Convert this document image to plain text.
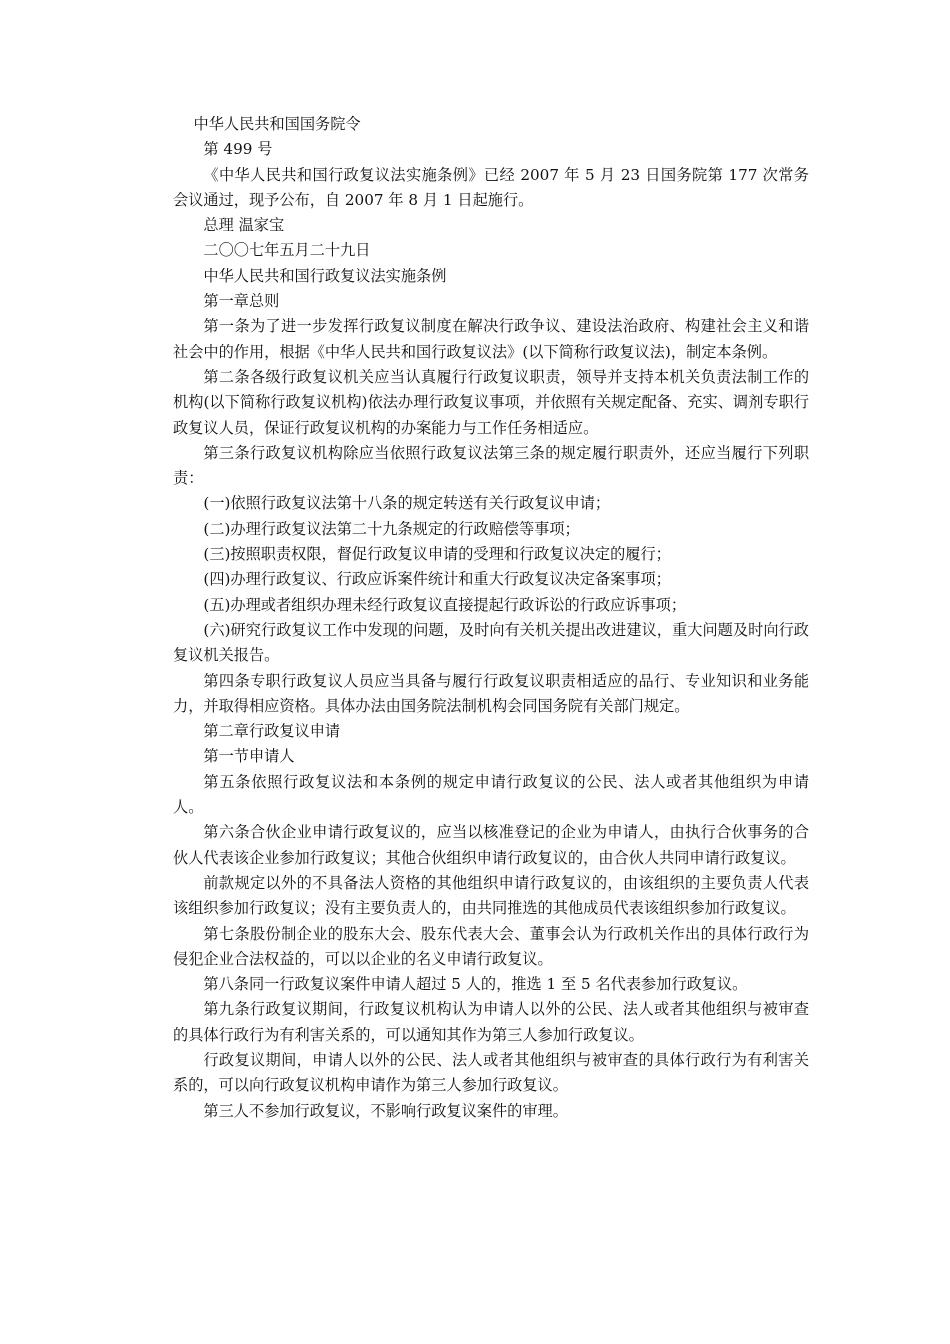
中华人民共和国国务院令

第 499 号

《中华人民共和国行政复议法实施条例》已经 2007 年 5 月 23 日国务院第 177 次常务会议通过，现予公布，自 2007 年 8 月 1 日起施行。

总理 温家宝

二〇〇七年五月二十九日

中华人民共和国行政复议法实施条例

第一章总则

第一条为了进一步发挥行政复议制度在解决行政争议、建设法治政府、构建社会主义和谐社会中的作用，根据《中华人民共和国行政复议法》(以下简称行政复议法)，制定本条例。

第二条各级行政复议机关应当认真履行行政复议职责，领导并支持本机关负责法制工作的机构(以下简称行政复议机构)依法办理行政复议事项，并依照有关规定配备、充实、调剂专职行政复议人员，保证行政复议机构的办案能力与工作任务相适应。

第三条行政复议机构除应当依照行政复议法第三条的规定履行职责外，还应当履行下列职责：

(一)依照行政复议法第十八条的规定转送有关行政复议申请；

(二)办理行政复议法第二十九条规定的行政赔偿等事项；

(三)按照职责权限，督促行政复议申请的受理和行政复议决定的履行；

(四)办理行政复议、行政应诉案件统计和重大行政复议决定备案事项；

(五)办理或者组织办理未经行政复议直接提起行政诉讼的行政应诉事项；

(六)研究行政复议工作中发现的问题，及时向有关机关提出改进建议，重大问题及时向行政复议机关报告。

第四条专职行政复议人员应当具备与履行行政复议职责相适应的品行、专业知识和业务能力，并取得相应资格。具体办法由国务院法制机构会同国务院有关部门规定。

第二章行政复议申请

第一节申请人

第五条依照行政复议法和本条例的规定申请行政复议的公民、法人或者其他组织为申请人。

第六条合伙企业申请行政复议的，应当以核准登记的企业为申请人，由执行合伙事务的合伙人代表该企业参加行政复议；其他合伙组织申请行政复议的，由合伙人共同申请行政复议。

前款规定以外的不具备法人资格的其他组织申请行政复议的，由该组织的主要负责人代表该组织参加行政复议；没有主要负责人的，由共同推选的其他成员代表该组织参加行政复议。

第七条股份制企业的股东大会、股东代表大会、董事会认为行政机关作出的具体行政行为侵犯企业合法权益的，可以以企业的名义申请行政复议。

第八条同一行政复议案件申请人超过 5 人的，推选 1 至 5 名代表参加行政复议。

第九条行政复议期间，行政复议机构认为申请人以外的公民、法人或者其他组织与被审查的具体行政行为有利害关系的，可以通知其作为第三人参加行政复议。

行政复议期间，申请人以外的公民、法人或者其他组织与被审查的具体行政行为有利害关系的，可以向行政复议机构申请作为第三人参加行政复议。

第三人不参加行政复议，不影响行政复议案件的审理。
